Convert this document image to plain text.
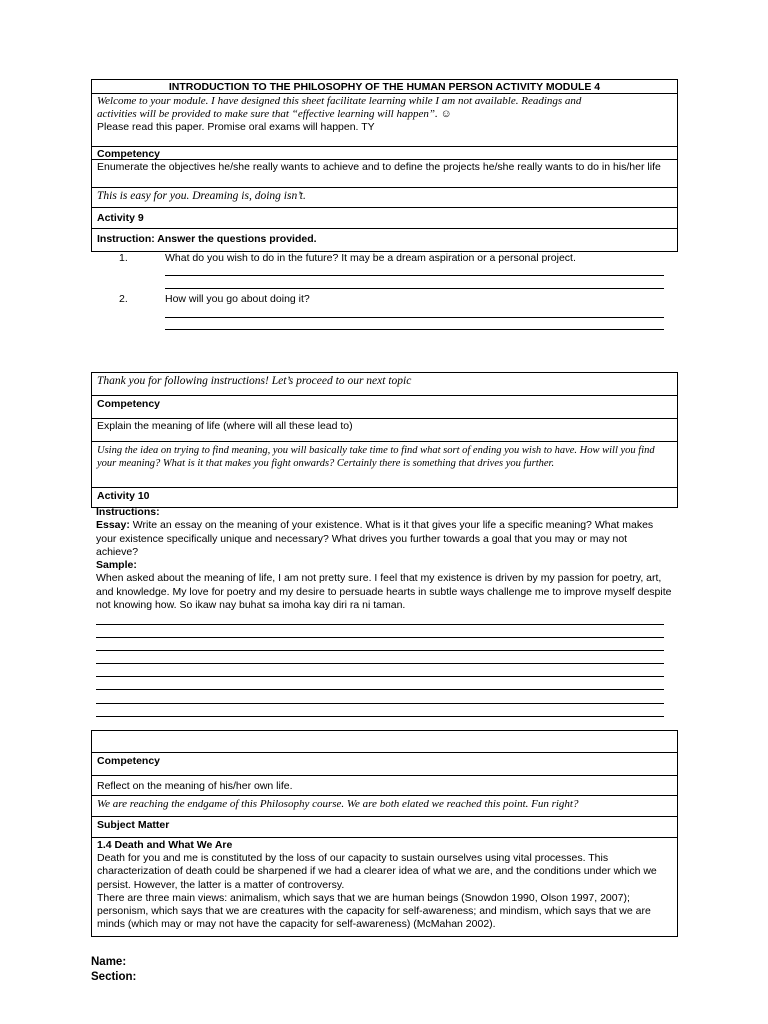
INTRODUCTION TO THE PHILOSOPHY OF THE HUMAN PERSON ACTIVITY MODULE 4
Welcome to your module. I have designed this sheet facilitate learning while I am not available. Readings and
activities will be provided to make sure that “effective learning will happen”. ☺
Please read this paper. Promise oral exams will happen. TY
Competency
Enumerate the objectives he/she really wants to achieve and to define the projects he/she really wants to do in his/her life
This is easy for you. Dreaming is, doing isn’t.
Activity 9
Instruction: Answer the questions provided.
1.	What do you wish to do in the future? It may be a dream aspiration or a personal project.
2.	How will you go about doing it?
Thank you for following instructions! Let’s proceed to our next topic
Competency
Explain the meaning of life (where will all these lead to)
Using the idea on trying to find meaning, you will basically take time to find what sort of ending you wish to have. How will you find your meaning? What is it that makes you fight onwards? Certainly there is something that drives you further.
Activity 10
Instructions:
Essay: Write an essay on the meaning of your existence. What is it that gives your life a specific meaning? What makes your existence specifically unique and necessary? What drives you further towards a goal that you may or may not achieve?
Sample:
When asked about the meaning of life, I am not pretty sure. I feel that my existence is driven by my passion for poetry, art, and knowledge. My love for poetry and my desire to persuade hearts in subtle ways challenge me to improve myself despite not knowing how. So ikaw nay buhat sa imoha kay diri ra ni taman.
Competency
Reflect on the meaning of his/her own life.
We are reaching the endgame of this Philosophy course. We are both elated we reached this point. Fun right?
Subject Matter
1.4 Death and What We Are
Death for you and me is constituted by the loss of our capacity to sustain ourselves using vital processes. This characterization of death could be sharpened if we had a clearer idea of what we are, and the conditions under which we persist. However, the latter is a matter of controversy.
There are three main views: animalism, which says that we are human beings (Snowdon 1990, Olson 1997, 2007); personism, which says that we are creatures with the capacity for self-awareness; and mindism, which says that we are minds (which may or may not have the capacity for self-awareness) (McMahan 2002).
Name:
Section:
